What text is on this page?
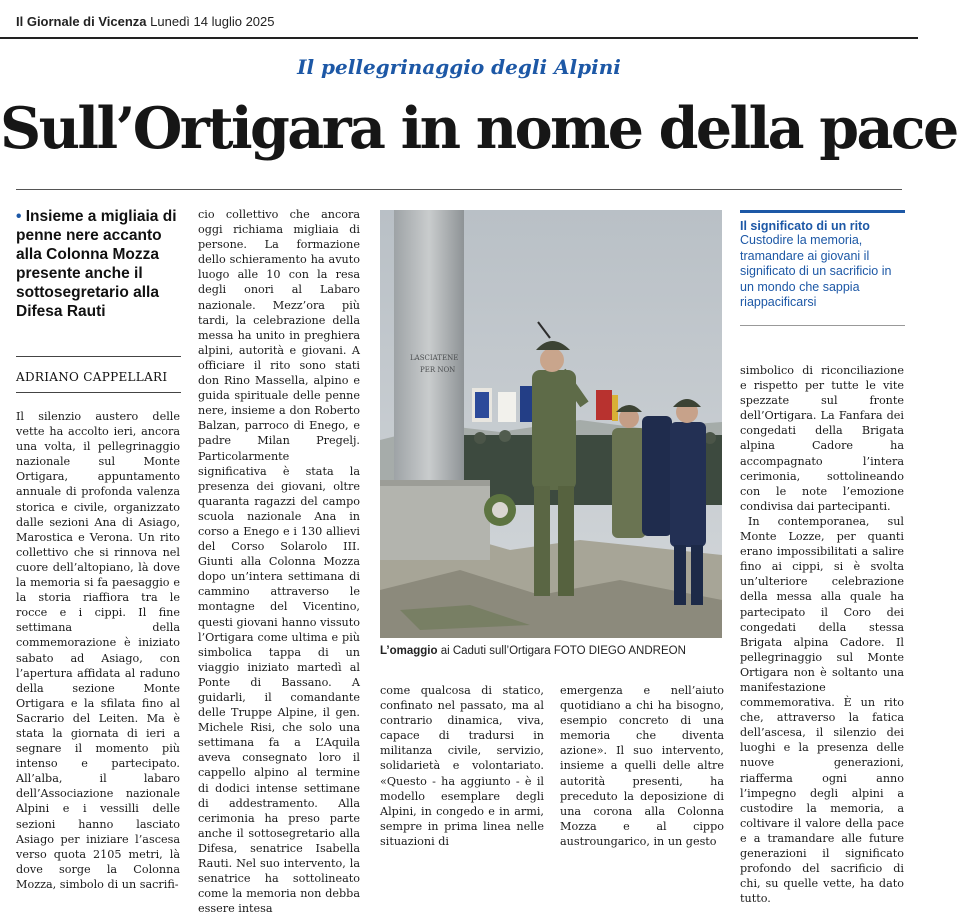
Il Giornale di Vicenza Lunedì 14 luglio 2025
Il pellegrinaggio degli Alpini
Sull’Ortigara in nome della pace
• Insieme a migliaia di penne nere accanto alla Colonna Mozza presente anche il sottosegretario alla Difesa Rauti
ADRIANO CAPPELLARI

Il silenzio austero delle vette ha accolto ieri, ancora una volta, il pellegrinaggio nazionale sul Monte Ortigara, appuntamento annuale di profonda valenza storica e civile, organizzato dalle sezioni Ana di Asiago, Marostica e Verona. Un rito collettivo che si rinnova nel cuore dell’altopiano, là dove la memoria si fa paesaggio e la storia riaffiora tra le rocce e i cippi. Il fine settimana della commemorazione è iniziato sabato ad Asiago, con l’apertura affidata al raduno della sezione Monte Ortigara e la sfilata fino al Sacrario del Leiten. Ma è stata la giornata di ieri a segnare il momento più intenso e partecipato. All’alba, il labaro dell’Associazione nazionale Alpini e i vessilli delle sezioni hanno lasciato Asiago per iniziare l’ascesa verso quota 2105 metri, là dove sorge la Colonna Mozza, simbolo di un sacrifi-

cio collettivo che ancora oggi richiama migliaia di persone. La formazione dello schieramento ha avuto luogo alle 10 con la resa degli onori al Labaro nazionale. Mezz’ora più tardi, la celebrazione della messa ha unito in preghiera alpini, autorità e giovani. A officiare il rito sono stati don Rino Massella, alpino e guida spirituale delle penne nere, insieme a don Roberto Balzan, parroco di Enego, e padre Milan Pregelj. Particolarmente significativa è stata la presenza dei giovani, oltre quaranta ragazzi del campo scuola nazionale Ana in corso a Enego e i 130 allievi del Corso Solarolo III. Giunti alla Colonna Mozza dopo un’intera settimana di cammino attraverso le montagne del Vicentino, questi giovani hanno vissuto l’Ortigara come ultima e più simbolica tappa di un viaggio iniziato martedì al Ponte di Bassano. A guidarli, il comandante delle Truppe Alpine, il gen. Michele Risi, che solo una settimana fa a L’Aquila aveva consegnato loro il cappello alpino al termine di dodici intense settimane di addestramento. Alla cerimonia ha preso parte anche il sottosegretario alla Difesa, senatrice Isabella Rauti. Nel suo intervento, la senatrice ha sottolineato come la memoria non debba essere intesa

LASCIATENE
PER NON
L’omaggio ai Caduti sull’Ortigara FOTO DIEGO ANDREON

come qualcosa di statico, confinato nel passato, ma al contrario dinamica, viva, capace di tradursi in militanza civile, servizio, solidarietà e volontariato. «Questo - ha aggiunto - è il modello esemplare degli Alpini, in congedo e in armi, sempre in prima linea nelle situazioni di

emergenza e nell’aiuto quotidiano a chi ha bisogno, esempio concreto di una memoria che diventa azione». Il suo intervento, insieme a quelli delle altre autorità presenti, ha preceduto la deposizione di una corona alla Colonna Mozza e al cippo austroungarico, in un gesto

Il significato di un rito
Custodire la memoria, tramandare ai giovani il significato di un sacrificio in un mondo che sappia riappacificarsi

simbolico di riconciliazione e rispetto per tutte le vite spezzate sul fronte dell’Ortigara. La Fanfara dei congedati della Brigata alpina Cadore ha accompagnato l’intera cerimonia, sottolineando con le note l’emozione condivisa dai partecipanti.

In contemporanea, sul Monte Lozze, per quanti erano impossibilitati a salire fino ai cippi, si è svolta un’ulteriore celebrazione della messa alla quale ha partecipato il Coro dei congedati della stessa Brigata alpina Cadore. Il pellegrinaggio sul Monte Ortigara non è soltanto una manifestazione commemorativa. È un rito che, attraverso la fatica dell’ascesa, il silenzio dei luoghi e la presenza delle nuove generazioni, riafferma ogni anno l’impegno degli alpini a custodire la memoria, a coltivare il valore della pace e a tramandare alle future generazioni il significato profondo del sacrificio di chi, su quelle vette, ha dato tutto.
